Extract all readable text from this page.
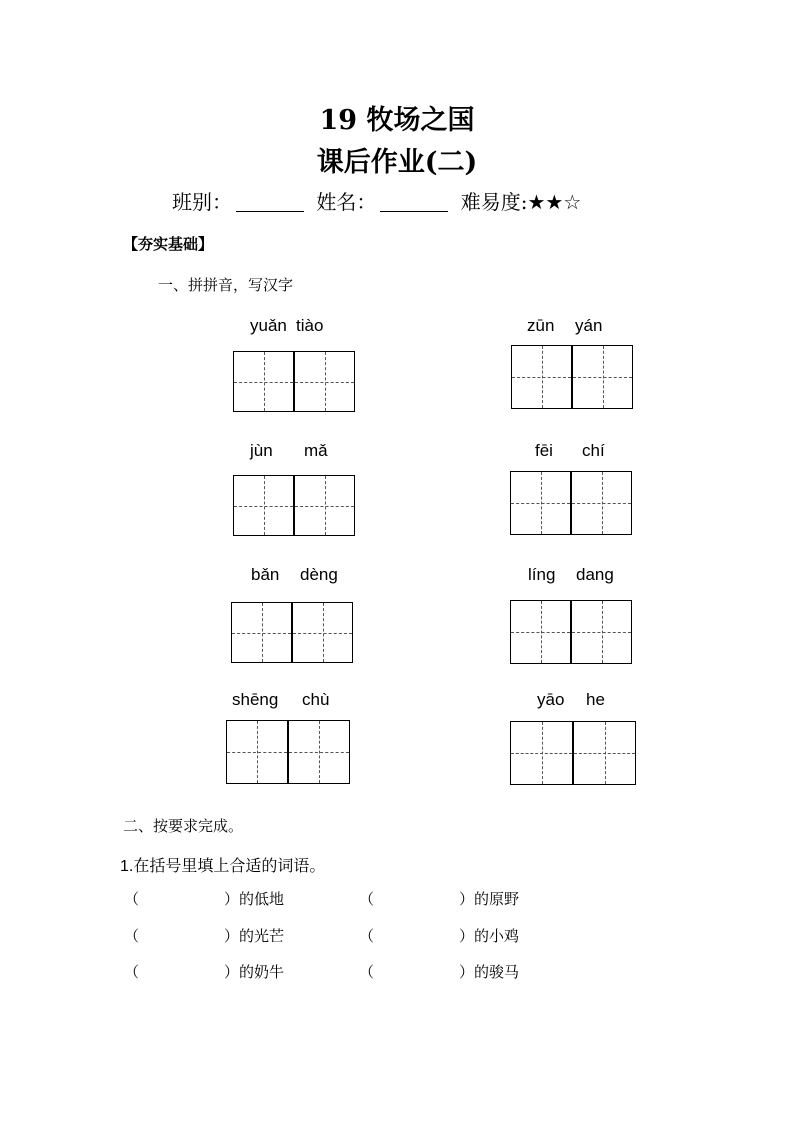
19 牧场之国
课后作业(二)
班别：	姓名：	难易度:★★☆
【夯实基础】
一、拼拼音，写汉字
yuǎn tiào
jùn mǎ
bǎn dèng
shēng chù
zūn yán
fēi chí
líng dang
yāo he
二、按要求完成。
1.在括号里填上合适的词语。
（	）的低地	（	）的原野
（	）的光芒	（	）的小鸡
（	）的奶牛	（	）的骏马
